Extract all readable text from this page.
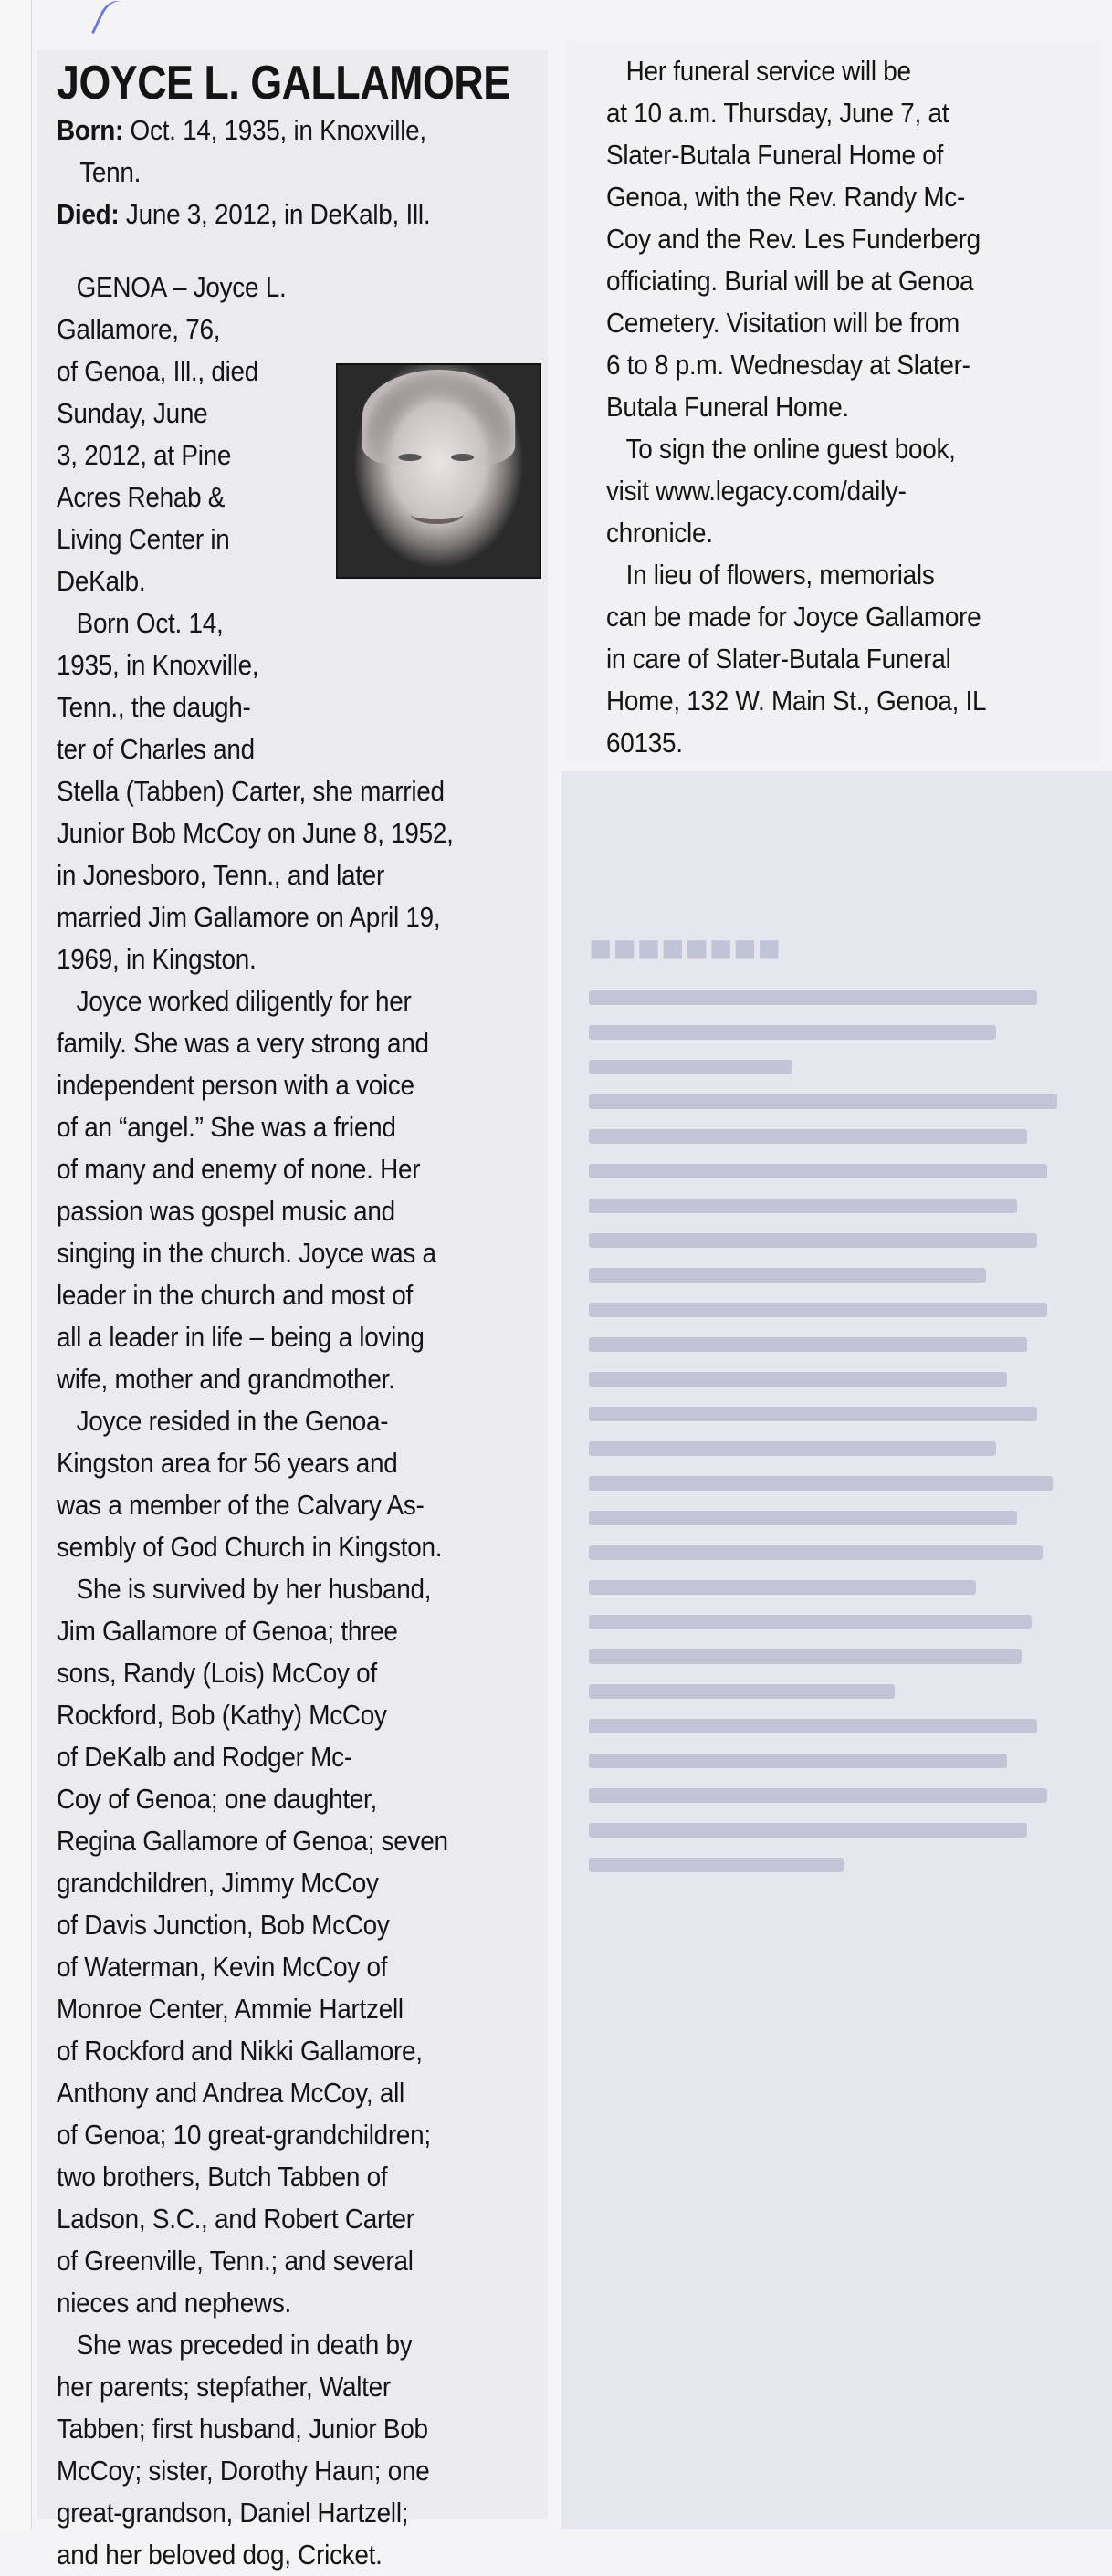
■■■■■■■■
JOYCE L. GALLAMORE

Born: Oct. 14, 1935, in Knoxville,

Tenn.

Died: June 3, 2012, in DeKalb, Ill.

GENOA – Joyce L. Gallamore, 76,
of Genoa, Ill., died Sunday, June
3, 2012, at Pine
Acres Rehab &
Living Center in
DeKalb.
Born Oct. 14,
1935, in Knoxville,
Tenn., the daugh-
ter of Charles and
Stella (Tabben) Carter, she married
Junior Bob McCoy on June 8, 1952,
in Jonesboro, Tenn., and later
married Jim Gallamore on April 19,
1969, in Kingston.
Joyce worked diligently for her
family. She was a very strong and
independent person with a voice
of an “angel.” She was a friend
of many and enemy of none. Her
passion was gospel music and
singing in the church. Joyce was a
leader in the church and most of
all a leader in life – being a loving
wife, mother and grandmother.
Joyce resided in the Genoa-
Kingston area for 56 years and
was a member of the Calvary As-
sembly of God Church in Kingston.
She is survived by her husband,
Jim Gallamore of Genoa; three
sons, Randy (Lois) McCoy of
Rockford, Bob (Kathy) McCoy
of DeKalb and Rodger Mc-
Coy of Genoa; one daughter,
Regina Gallamore of Genoa; seven
grandchildren, Jimmy McCoy
of Davis Junction, Bob McCoy
of Waterman, Kevin McCoy of
Monroe Center, Ammie Hartzell
of Rockford and Nikki Gallamore,
Anthony and Andrea McCoy, all
of Genoa; 10 great-grandchildren;
two brothers, Butch Tabben of
Ladson, S.C., and Robert Carter
of Greenville, Tenn.; and several
nieces and nephews.
She was preceded in death by
her parents; stepfather, Walter
Tabben; first husband, Junior Bob
McCoy; sister, Dorothy Haun; one
great-grandson, Daniel Hartzell;
and her beloved dog, Cricket.
Her funeral service will be
at 10 a.m. Thursday, June 7, at
Slater-Butala Funeral Home of
Genoa, with the Rev. Randy Mc-
Coy and the Rev. Les Funderberg
officiating. Burial will be at Genoa
Cemetery. Visitation will be from
6 to 8 p.m. Wednesday at Slater-
Butala Funeral Home.
To sign the online guest book,
visit www.legacy.com/daily-
chronicle.
In lieu of flowers, memorials
can be made for Joyce Gallamore
in care of Slater-Butala Funeral
Home, 132 W. Main St., Genoa, IL
60135.
